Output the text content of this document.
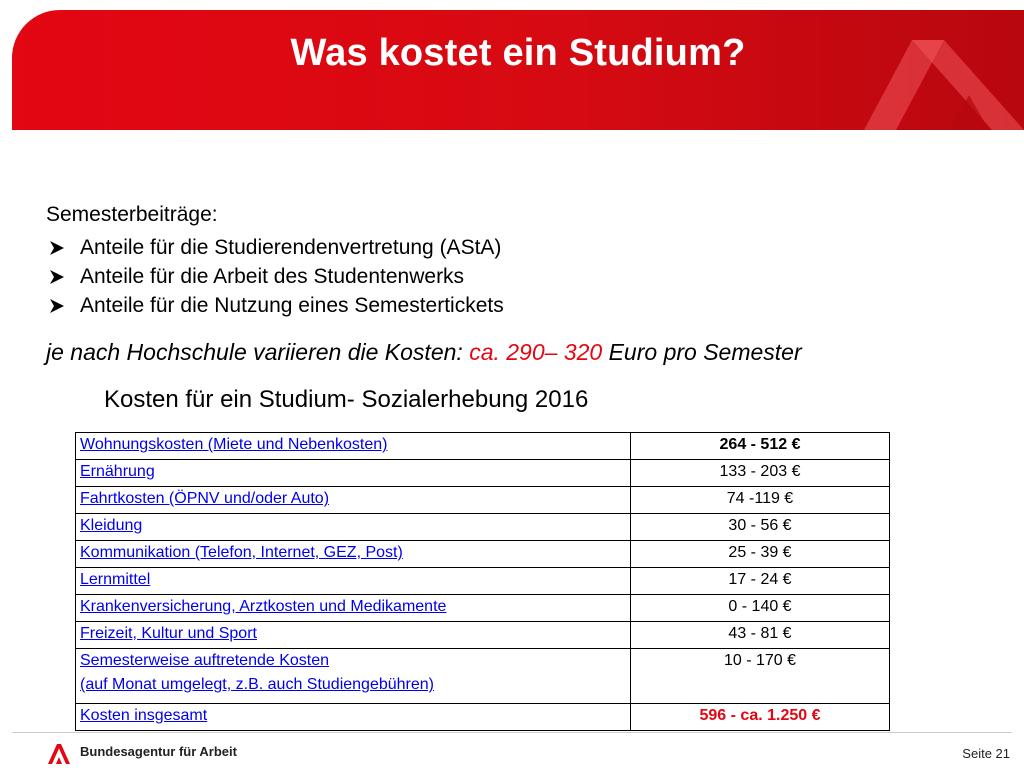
Was kostet ein Studium?
Semesterbeiträge:
Anteile für die Studierendenvertretung (AStA)
Anteile für die Arbeit des Studentenwerks
Anteile für die Nutzung eines Semestertickets
je nach Hochschule variieren die Kosten: ca. 290– 320 Euro pro Semester
Kosten für ein Studium- Sozialerhebung 2016
Wohnungskosten (Miete und Nebenkosten)	264 - 512 €
Ernährung	133 - 203 €
Fahrtkosten (ÖPNV und/oder Auto)	74 -119 €
Kleidung	30 - 56 €
Kommunikation (Telefon, Internet, GEZ, Post)	25 - 39 €
Lernmittel	17 - 24 €
Krankenversicherung, Arztkosten und Medikamente	0 - 140 €
Freizeit, Kultur und Sport	43 - 81 €
Semesterweise auftretende Kosten
(auf Monat umgelegt, z.B. auch Studiengebühren)	10 - 170 €
Kosten insgesamt	596 - ca. 1.250 €
Bundesagentur für Arbeit	Seite 21
